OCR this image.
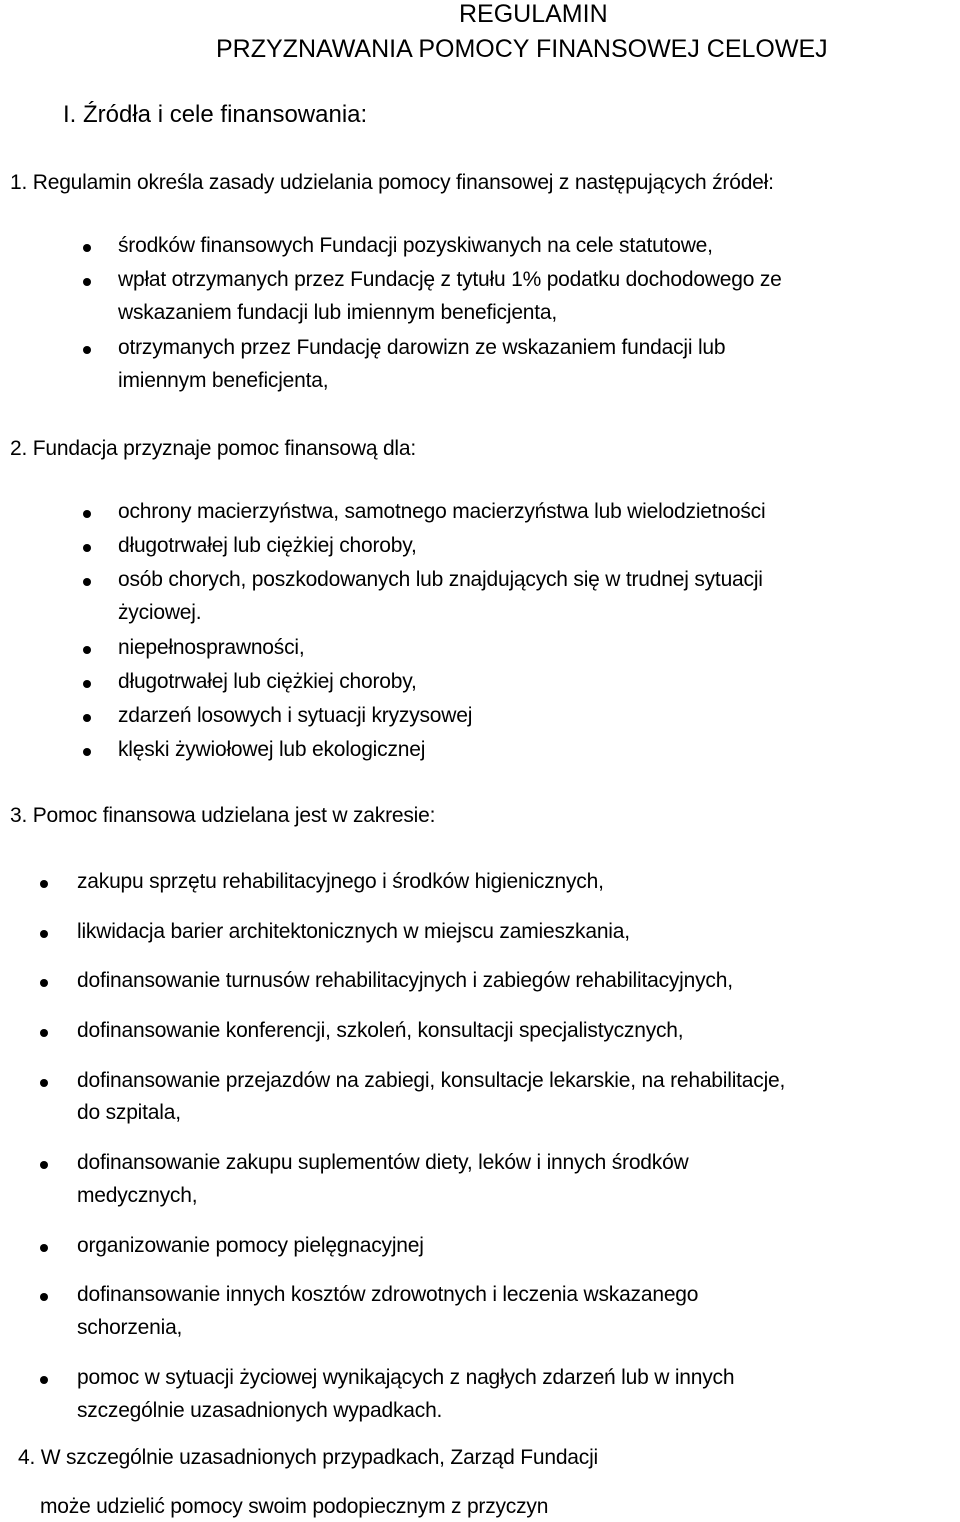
REGULAMIN
PRZYZNAWANIA POMOCY FINANSOWEJ CELOWEJ
I. Źródła i cele finansowania:
1. Regulamin określa zasady udzielania pomocy finansowej z następujących źródeł:
środków finansowych Fundacji pozyskiwanych na cele statutowe,
wpłat otrzymanych przez Fundację z tytułu 1% podatku dochodowego ze
wskazaniem fundacji lub imiennym beneficjenta,
otrzymanych przez Fundację darowizn ze wskazaniem fundacji lub
imiennym beneficjenta,
2. Fundacja przyznaje pomoc finansową dla:
ochrony macierzyństwa, samotnego macierzyństwa lub wielodzietności
długotrwałej lub ciężkiej choroby,
osób chorych, poszkodowanych lub znajdujących się w trudnej sytuacji
życiowej.
niepełnosprawności,
długotrwałej lub ciężkiej choroby,
zdarzeń losowych i sytuacji kryzysowej
klęski żywiołowej lub ekologicznej
3. Pomoc finansowa udzielana jest w zakresie:
zakupu sprzętu rehabilitacyjnego i środków higienicznych,
likwidacja barier architektonicznych w miejscu zamieszkania,
dofinansowanie turnusów rehabilitacyjnych i zabiegów rehabilitacyjnych,
dofinansowanie konferencji, szkoleń, konsultacji specjalistycznych,
dofinansowanie przejazdów na zabiegi, konsultacje lekarskie, na rehabilitacje,
do szpitala,
dofinansowanie zakupu suplementów diety, leków i innych środków
medycznych,
organizowanie pomocy pielęgnacyjnej
dofinansowanie innych kosztów zdrowotnych i leczenia wskazanego
schorzenia,
pomoc w sytuacji życiowej wynikających z nagłych zdarzeń lub w innych
szczególnie uzasadnionych wypadkach.
4. W szczególnie uzasadnionych przypadkach, Zarząd Fundacji
może udzielić pomocy swoim podopiecznym z przyczyn
